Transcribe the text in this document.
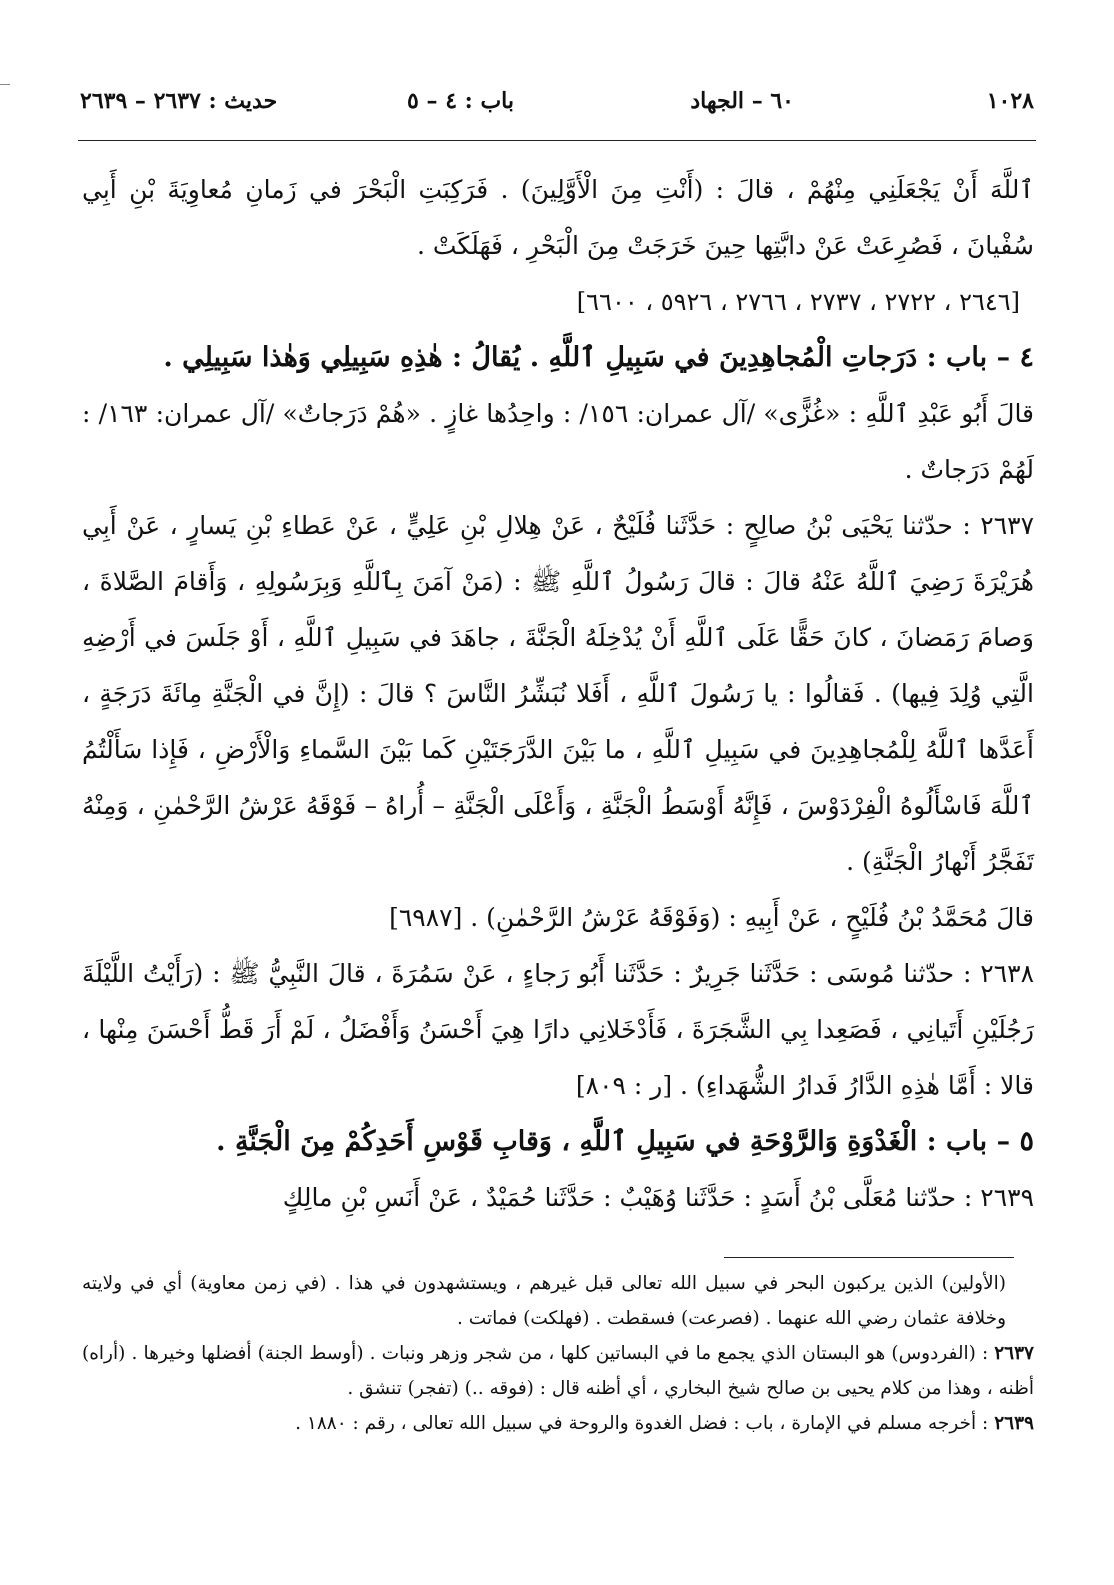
١٠٢٨
٦٠ – الجهاد
باب : ٤ – ٥
حديث : ٢٦٣٧ – ٢٦٣٩

ٱللَّهَ أَنْ يَجْعَلَنِي مِنْهُمْ ، قالَ : (أَنْتِ مِنَ الْأَوَّلِينَ) . فَرَكِبَتِ الْبَحْرَ في زَمانِ مُعاوِيَةَ بْنِ أَبِي سُفْيانَ ، فَصُرِعَتْ عَنْ دابَّتِها حِينَ خَرَجَتْ مِنَ الْبَحْرِ ، فَهَلَكَتْ .

[٢٦٤٦ ، ٢٧٢٢ ، ٢٧٣٧ ، ٢٧٦٦ ، ٥٩٢٦ ، ٦٦٠٠]

٤ – باب : دَرَجاتِ الْمُجاهِدِينَ في سَبِيلِ ٱللَّهِ . يُقالُ : هٰذِهِ سَبِيلِي وَهٰذا سَبِيلِي .

قالَ أَبُو عَبْدِ ٱللَّهِ : «غُزًّى» /آل عمران: ١٥٦/ : واحِدُها غازٍ . «هُمْ دَرَجاتٌ» /آل عمران: ١٦٣/ : لَهُمْ دَرَجاتٌ .

٢٦٣٧ : حدّثنا يَحْيَى بْنُ صالِحٍ : حَدَّثَنا فُلَيْحٌ ، عَنْ هِلالِ بْنِ عَلِيٍّ ، عَنْ عَطاءِ بْنِ يَسارٍ ، عَنْ أَبِي هُرَيْرَةَ رَضِيَ ٱللَّهُ عَنْهُ قالَ : قالَ رَسُولُ ٱللَّهِ ﷺ : (مَنْ آمَنَ بِٱللَّهِ وَبِرَسُولِهِ ، وَأَقامَ الصَّلاةَ ، وَصامَ رَمَضانَ ، كانَ حَقًّا عَلَى ٱللَّهِ أَنْ يُدْخِلَهُ الْجَنَّةَ ، جاهَدَ في سَبِيلِ ٱللَّهِ ، أَوْ جَلَسَ في أَرْضِهِ الَّتِي وُلِدَ فِيها) . فَقالُوا : يا رَسُولَ ٱللَّهِ ، أَفَلا نُبَشِّرُ النَّاسَ ؟ قالَ : (إِنَّ في الْجَنَّةِ مِائَةَ دَرَجَةٍ ، أَعَدَّها ٱللَّهُ لِلْمُجاهِدِينَ في سَبِيلِ ٱللَّهِ ، ما بَيْنَ الدَّرَجَتَيْنِ كَما بَيْنَ السَّماءِ وَالْأَرْضِ ، فَإِذا سَأَلْتُمُ ٱللَّهَ فَاسْأَلُوهُ الْفِرْدَوْسَ ، فَإِنَّهُ أَوْسَطُ الْجَنَّةِ ، وَأَعْلَى الْجَنَّةِ – أُراهُ – فَوْقَهُ عَرْشُ الرَّحْمٰنِ ، وَمِنْهُ تَفَجَّرُ أَنْهارُ الْجَنَّةِ) .

قالَ مُحَمَّدُ بْنُ فُلَيْحٍ ، عَنْ أَبِيهِ : (وَفَوْقَهُ عَرْشُ الرَّحْمٰنِ) . [٦٩٨٧]

٢٦٣٨ : حدّثنا مُوسَى : حَدَّثَنا جَرِيرٌ : حَدَّثَنا أَبُو رَجاءٍ ، عَنْ سَمُرَةَ ، قالَ النَّبِيُّ ﷺ : (رَأَيْتُ اللَّيْلَةَ رَجُلَيْنِ أَتَيانِي ، فَصَعِدا بِي الشَّجَرَةَ ، فَأَدْخَلانِي دارًا هِيَ أَحْسَنُ وَأَفْضَلُ ، لَمْ أَرَ قَطُّ أَحْسَنَ مِنْها ، قالا : أَمَّا هٰذِهِ الدَّارُ فَدارُ الشُّهَداءِ) . [ر : ٨٠٩]

٥ – باب : الْغَدْوَةِ وَالرَّوْحَةِ في سَبِيلِ ٱللَّهِ ، وَقابِ قَوْسِ أَحَدِكُمْ مِنَ الْجَنَّةِ .

٢٦٣٩ : حدّثنا مُعَلَّى بْنُ أَسَدٍ : حَدَّثَنا وُهَيْبٌ : حَدَّثَنا حُمَيْدٌ ، عَنْ أَنَسِ بْنِ مالِكٍ

(الأولين) الذين يركبون البحر في سبيل الله تعالى قبل غيرهم ، ويستشهدون في هذا . (في زمن معاوية) أي في ولايته وخلافة عثمان رضي الله عنهما . (فصرعت) فسقطت . (فهلكت) فماتت .

٢٦٣٧: (الفردوس) هو البستان الذي يجمع ما في البساتين كلها ، من شجر وزهر ونبات . (أوسط الجنة) أفضلها وخيرها . (أراه) أظنه ، وهذا من كلام يحيى بن صالح شيخ البخاري ، أي أظنه قال : (فوقه ..) (تفجر) تنشق .

٢٦٣٩: أخرجه مسلم في الإمارة ، باب : فضل الغدوة والروحة في سبيل الله تعالى ، رقم : ١٨٨٠ .
